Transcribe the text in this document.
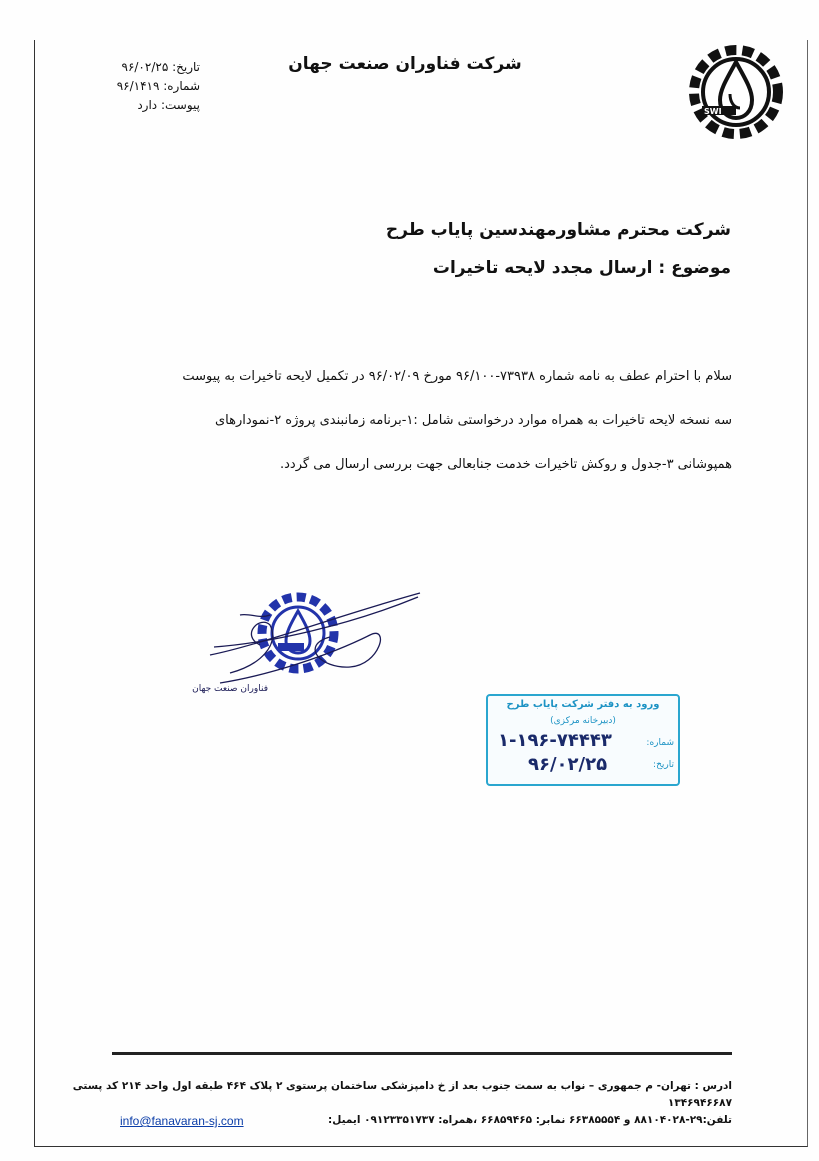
SWI
شرکت فناوران صنعت جهان
تاریخ: ۹۶/۰۲/۲۵
شماره: ۹۶/۱۴۱۹
پیوست: دارد
شرکت محترم مشاورمهندسین پایاب طرح
موضوع : ارسال مجدد لایحه تاخیرات

سلام با احترام عطف به نامه شماره ۷۳۹۳۸-۹۶/۱۰۰ مورخ ۹۶/۰۲/۰۹ در تکمیل لایحه تاخیرات به پیوست

سه نسخه لایحه تاخیرات به همراه موارد درخواستی شامل :۱-برنامه زمانبندی پروژه ۲-نمودارهای

همپوشانی ۳-جدول و روکش تاخیرات خدمت جنابعالی جهت بررسی ارسال می گردد.

فناوران صنعت جهان
ورود به دفتر شرکت پایاب طرح
(دبیرخانه مرکزی)
شماره:
۱-۱۹۶-۷۴۴۴۳
تاریخ:
۹۶/۰۲/۲۵
ادرس : تهران- م جمهوری – نواب به سمت جنوب بعد از خ دامپزشکی ساختمان پرستوی ۲ پلاک ۴۶۴ طبقه اول واحد ۲۱۴ کد پستی
۱۳۴۶۹۴۶۶۸۷
تلفن:۲۹-۸۸۱۰۴۰۲۸ و ۶۶۳۸۵۵۵۴ نمابر: ۶۶۸۵۹۴۶۵ ،همراه: ۰۹۱۲۳۳۵۱۷۳۷ ایمیل:
info@fanavaran-sj.com
